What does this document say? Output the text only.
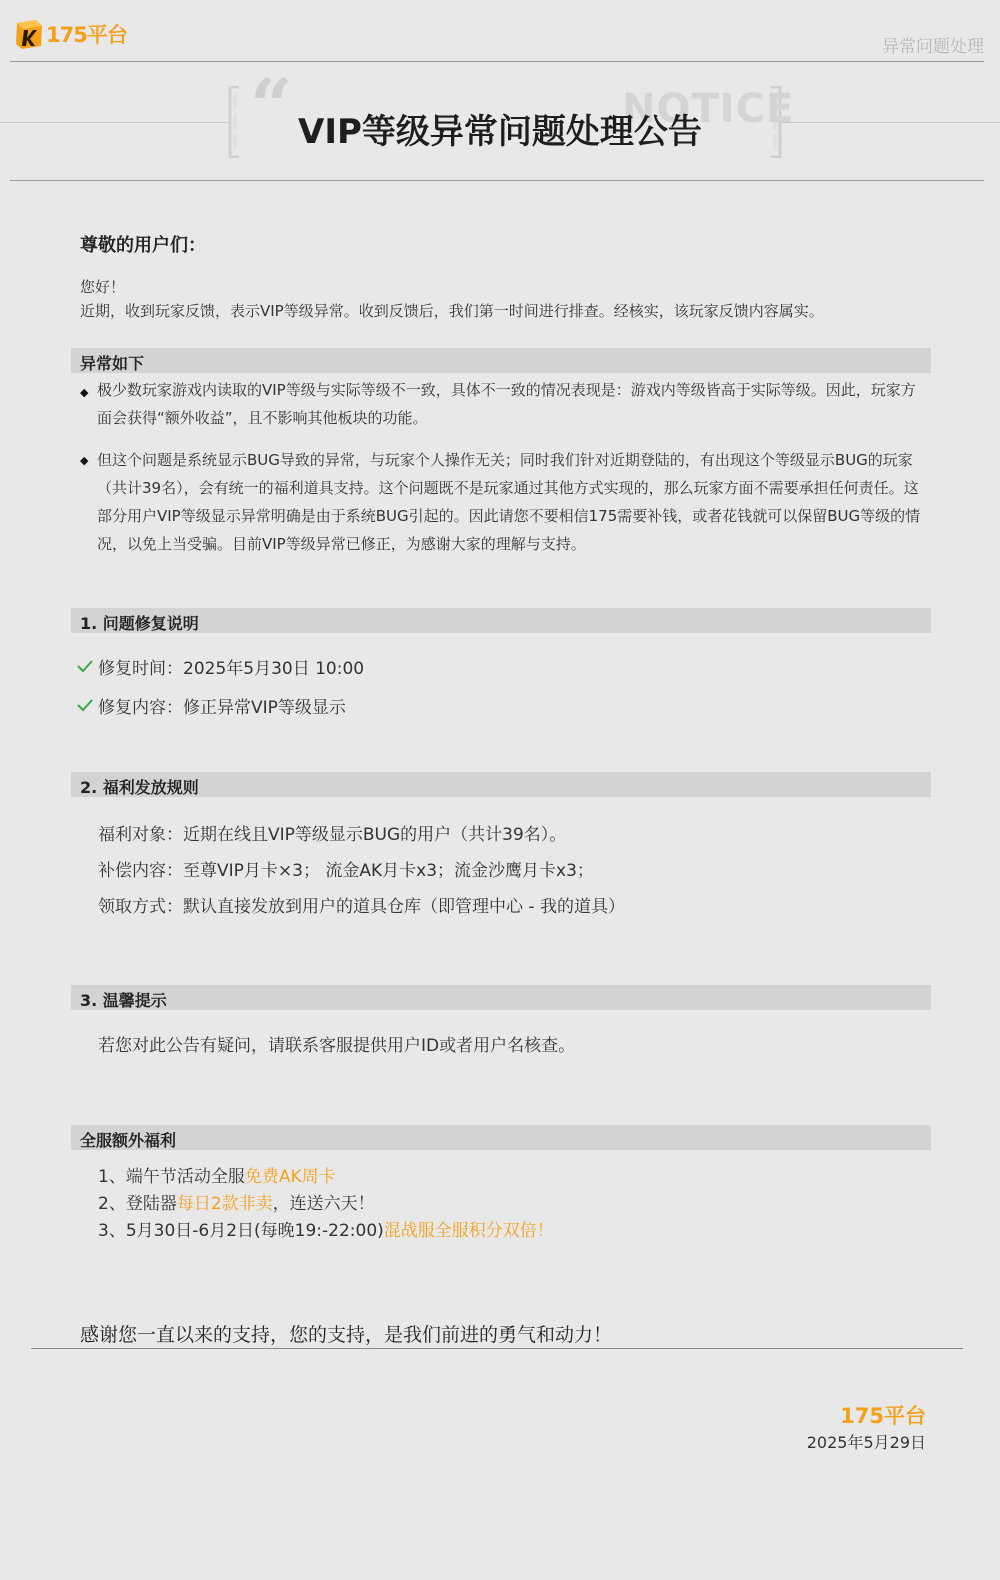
175平台	异常问题处理
“	NOTICE
VIP等级异常问题处理公告
尊敬的用户们：
您好！
近期，收到玩家反馈，表示VIP等级异常。收到反馈后，我们第一时间进行排查。经核实，该玩家反馈内容属实。
异常如下
◆ 极少数玩家游戏内读取的VIP等级与实际等级不一致，具体不一致的情况表现是：游戏内等级皆高于实际等级。因此，玩家方面会获得“额外收益”，且不影响其他板块的功能。
◆ 但这个问题是系统显示BUG导致的异常，与玩家个人操作无关；同时我们针对近期登陆的，有出现这个等级显示BUG的玩家（共计39名），会有统一的福利道具支持。这个问题既不是玩家通过其他方式实现的，那么玩家方面不需要承担任何责任。这部分用户VIP等级显示异常明确是由于系统BUG引起的。因此请您不要相信175需要补钱，或者花钱就可以保留BUG等级的情况，以免上当受骗。目前VIP等级异常已修正，为感谢大家的理解与支持。
1. 问题修复说明
修复时间：2025年5月30日 10:00
修复内容：修正异常VIP等级显示
2. 福利发放规则
福利对象：近期在线且VIP等级显示BUG的用户（共计39名）。
补偿内容：至尊VIP月卡×3； 流金AK月卡x3；流金沙鹰月卡x3；
领取方式：默认直接发放到用户的道具仓库（即管理中心 - 我的道具）
3. 温馨提示
若您对此公告有疑问，请联系客服提供用户ID或者用户名核查。
全服额外福利
1、端午节活动全服免费AK周卡
2、登陆器每日2款非卖，连送六天！
3、5月30日-6月2日(每晚19:-22:00)混战服全服积分双倍！
感谢您一直以来的支持，您的支持，是我们前进的勇气和动力！
175平台
2025年5月29日
